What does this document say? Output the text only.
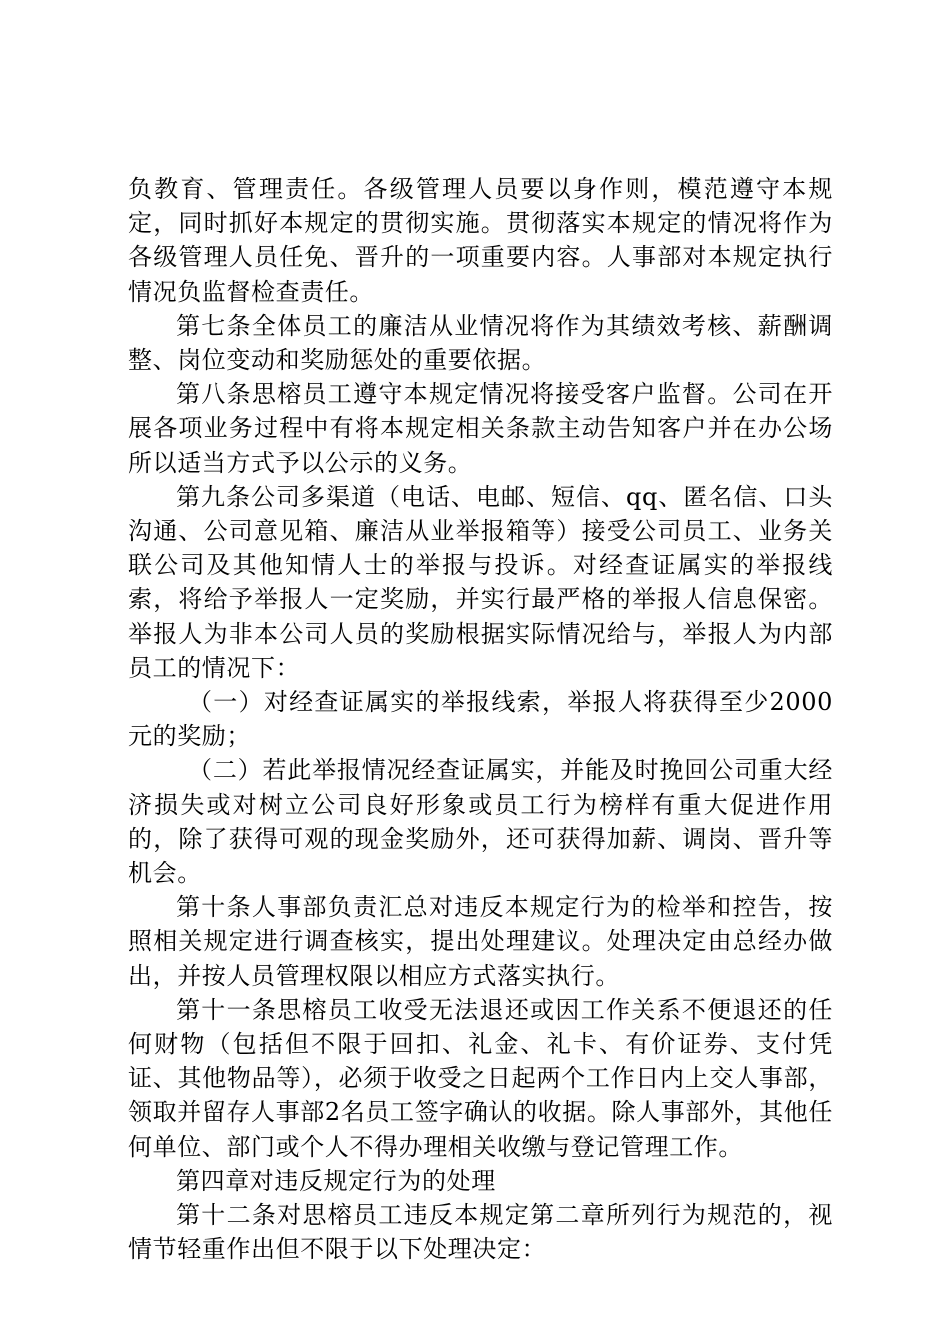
负教育、管理责任。各级管理人员要以身作则，模范遵守本规定，同时抓好本规定的贯彻实施。贯彻落实本规定的情况将作为各级管理人员任免、晋升的一项重要内容。人事部对本规定执行情况负监督检查责任。

第七条全体员工的廉洁从业情况将作为其绩效考核、薪酬调整、岗位变动和奖励惩处的重要依据。

第八条思榕员工遵守本规定情况将接受客户监督。公司在开展各项业务过程中有将本规定相关条款主动告知客户并在办公场所以适当方式予以公示的义务。

第九条公司多渠道（电话、电邮、短信、qq、匿名信、口头沟通、公司意见箱、廉洁从业举报箱等）接受公司员工、业务关联公司及其他知情人士的举报与投诉。对经查证属实的举报线索，将给予举报人一定奖励，并实行最严格的举报人信息保密。举报人为非本公司人员的奖励根据实际情况给与，举报人为内部员工的情况下：

（一）对经查证属实的举报线索，举报人将获得至少2000元的奖励；

（二）若此举报情况经查证属实，并能及时挽回公司重大经济损失或对树立公司良好形象或员工行为榜样有重大促进作用的，除了获得可观的现金奖励外，还可获得加薪、调岗、晋升等机会。

第十条人事部负责汇总对违反本规定行为的检举和控告，按照相关规定进行调查核实，提出处理建议。处理决定由总经办做出，并按人员管理权限以相应方式落实执行。

第十一条思榕员工收受无法退还或因工作关系不便退还的任何财物（包括但不限于回扣、礼金、礼卡、有价证券、支付凭证、其他物品等），必须于收受之日起两个工作日内上交人事部，领取并留存人事部2名员工签字确认的收据。除人事部外，其他任何单位、部门或个人不得办理相关收缴与登记管理工作。

第四章对违反规定行为的处理

第十二条对思榕员工违反本规定第二章所列行为规范的，视情节轻重作出但不限于以下处理决定：
